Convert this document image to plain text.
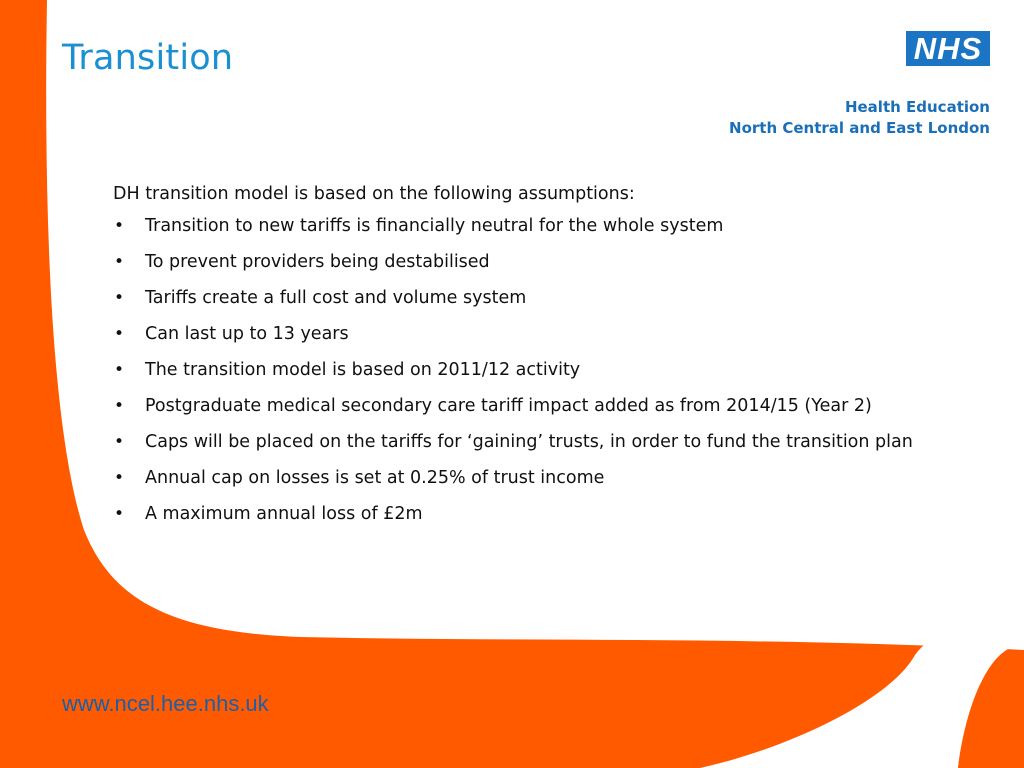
Transition	NHS
Health Education
North Central and East London

DH transition model is based on the following assumptions:

• Transition to new tariffs is financially neutral for the whole system
• To prevent providers being destabilised
• Tariffs create a full cost and volume system
• Can last up to 13 years
• The transition model is based on 2011/12 activity
• Postgraduate medical secondary care tariff impact added as from 2014/15 (Year 2)
• Caps will be placed on the tariffs for ‘gaining’ trusts, in order to fund the transition plan
• Annual cap on losses is set at 0.25% of trust income
• A maximum annual loss of £2m
www.ncel.hee.nhs.uk
